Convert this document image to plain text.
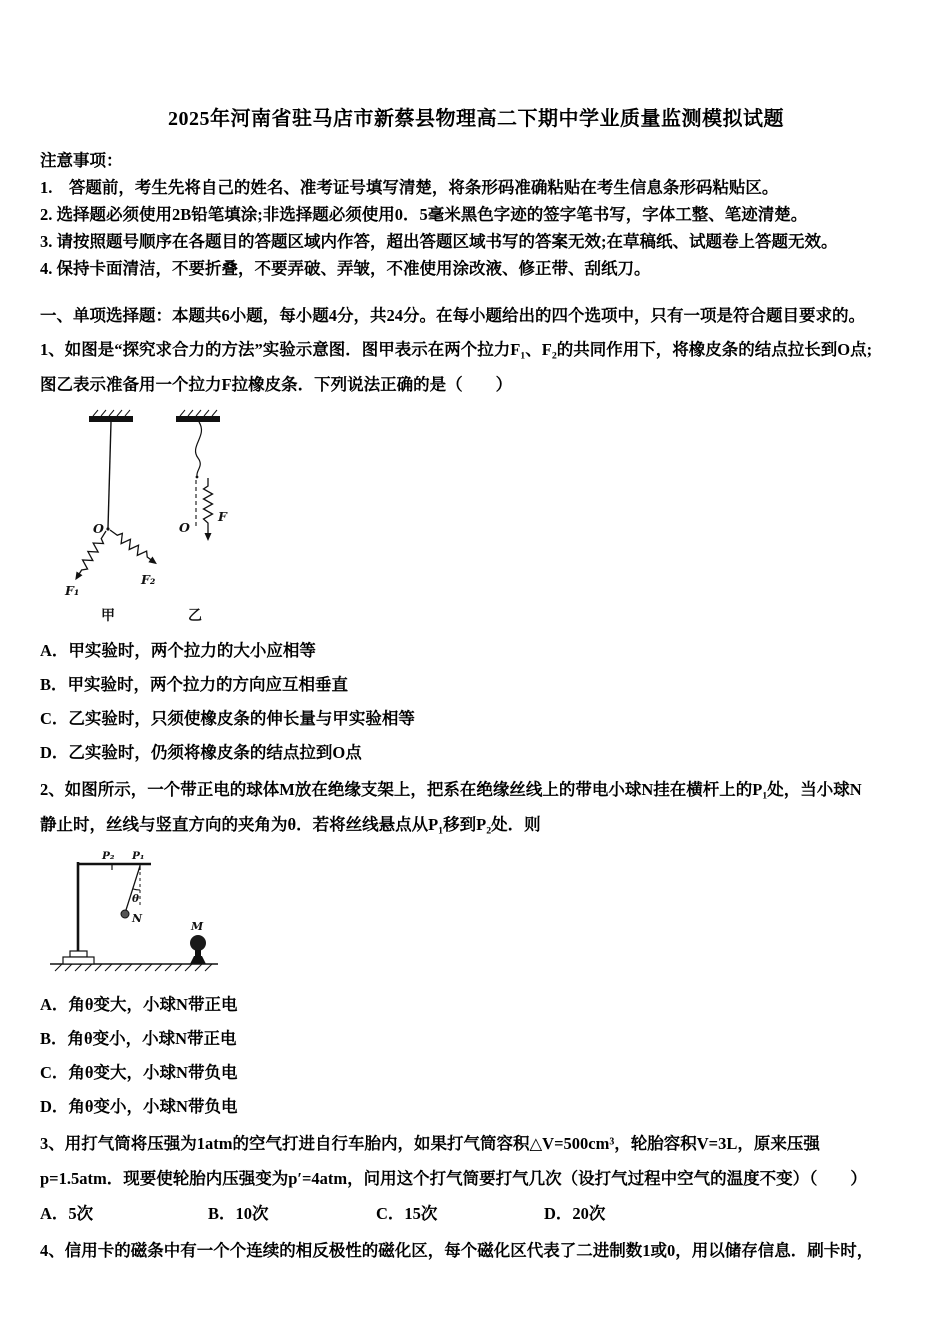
2025年河南省驻马店市新蔡县物理高二下期中学业质量监测模拟试题
注意事项：
1.    答题前，考生先将自己的姓名、准考证号填写清楚，将条形码准确粘贴在考生信息条形码粘贴区。
2. 选择题必须使用2B铅笔填涂;非选择题必须使用0．5毫米黑色字迹的签字笔书写，字体工整、笔迹清楚。
3. 请按照题号顺序在各题目的答题区域内作答，超出答题区域书写的答案无效;在草稿纸、试题卷上答题无效。
4. 保持卡面清洁，不要折叠，不要弄破、弄皱，不准使用涂改液、修正带、刮纸刀。
一、单项选择题：本题共6小题，每小题4分，共24分。在每小题给出的四个选项中，只有一项是符合题目要求的。
1、如图是“探究求合力的方法”实验示意图．图甲表示在两个拉力F₁、F₂的共同作用下，将橡皮条的结点拉长到O点;
图乙表示准备用一个拉力F拉橡皮条．下列说法正确的是（　　）
O
F₁
F₂
甲
O
F
乙
A．甲实验时，两个拉力的大小应相等
B．甲实验时，两个拉力的方向应互相垂直
C．乙实验时，只须使橡皮条的伸长量与甲实验相等
D．乙实验时，仍须将橡皮条的结点拉到O点
2、如图所示，一个带正电的球体M放在绝缘支架上，把系在绝缘丝线上的带电小球N挂在横杆上的P₁处，当小球N
静止时，丝线与竖直方向的夹角为θ．若将丝线悬点从P₁移到P₂处．则
P₂ P₁
θ
N
M
A．角θ变大，小球N带正电
B．角θ变小，小球N带正电
C．角θ变大，小球N带负电
D．角θ变小，小球N带负电
3、用打气筒将压强为1atm的空气打进自行车胎内，如果打气筒容积△V=500cm³，轮胎容积V=3L，原来压强
p=1.5atm．现要使轮胎内压强变为p′=4atm，问用这个打气筒要打气几次（设打气过程中空气的温度不变）（　　）
A．5次	B．10次	C．15次	D．20次
4、信用卡的磁条中有一个个连续的相反极性的磁化区，每个磁化区代表了二进制数1或0，用以储存信息．刷卡时，
